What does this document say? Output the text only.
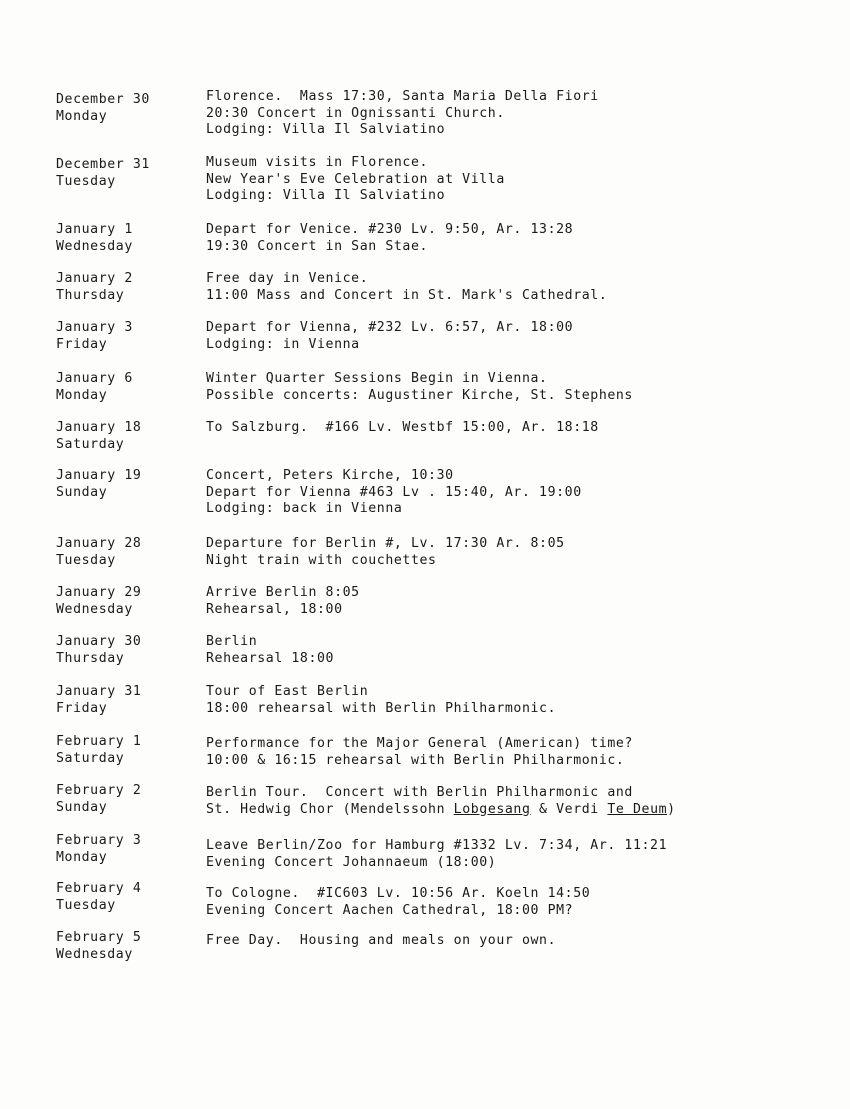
December 30
Monday
Florence.  Mass 17:30, Santa Maria Della Fiori
20:30 Concert in Ognissanti Church.
Lodging: Villa Il Salviatino
December 31
Tuesday
Museum visits in Florence.
New Year's Eve Celebration at Villa
Lodging: Villa Il Salviatino
January 1
Wednesday
Depart for Venice. #230 Lv. 9:50, Ar. 13:28
19:30 Concert in San Stae.
January 2
Thursday
Free day in Venice.
11:00 Mass and Concert in St. Mark's Cathedral.
January 3
Friday
Depart for Vienna, #232 Lv. 6:57, Ar. 18:00
Lodging: in Vienna
January 6
Monday
Winter Quarter Sessions Begin in Vienna.
Possible concerts: Augustiner Kirche, St. Stephens
January 18
Saturday
To Salzburg.  #166 Lv. Westbf 15:00, Ar. 18:18
January 19
Sunday
Concert, Peters Kirche, 10:30
Depart for Vienna #463 Lv . 15:40, Ar. 19:00
Lodging: back in Vienna
January 28
Tuesday
Departure for Berlin #, Lv. 17:30 Ar. 8:05
Night train with couchettes
January 29
Wednesday
Arrive Berlin 8:05
Rehearsal, 18:00
January 30
Thursday
Berlin
Rehearsal 18:00
January 31
Friday
Tour of East Berlin
18:00 rehearsal with Berlin Philharmonic.
February 1
Saturday
Performance for the Major General (American) time?
10:00 & 16:15 rehearsal with Berlin Philharmonic.
February 2
Sunday
Berlin Tour.  Concert with Berlin Philharmonic and
St. Hedwig Chor (Mendelssohn Lobgesang & Verdi Te Deum)
February 3
Monday
Leave Berlin/Zoo for Hamburg #1332 Lv. 7:34, Ar. 11:21
Evening Concert Johannaeum (18:00)
February 4
Tuesday
To Cologne.  #IC603 Lv. 10:56 Ar. Koeln 14:50
Evening Concert Aachen Cathedral, 18:00 PM?
February 5
Wednesday
Free Day.  Housing and meals on your own.
